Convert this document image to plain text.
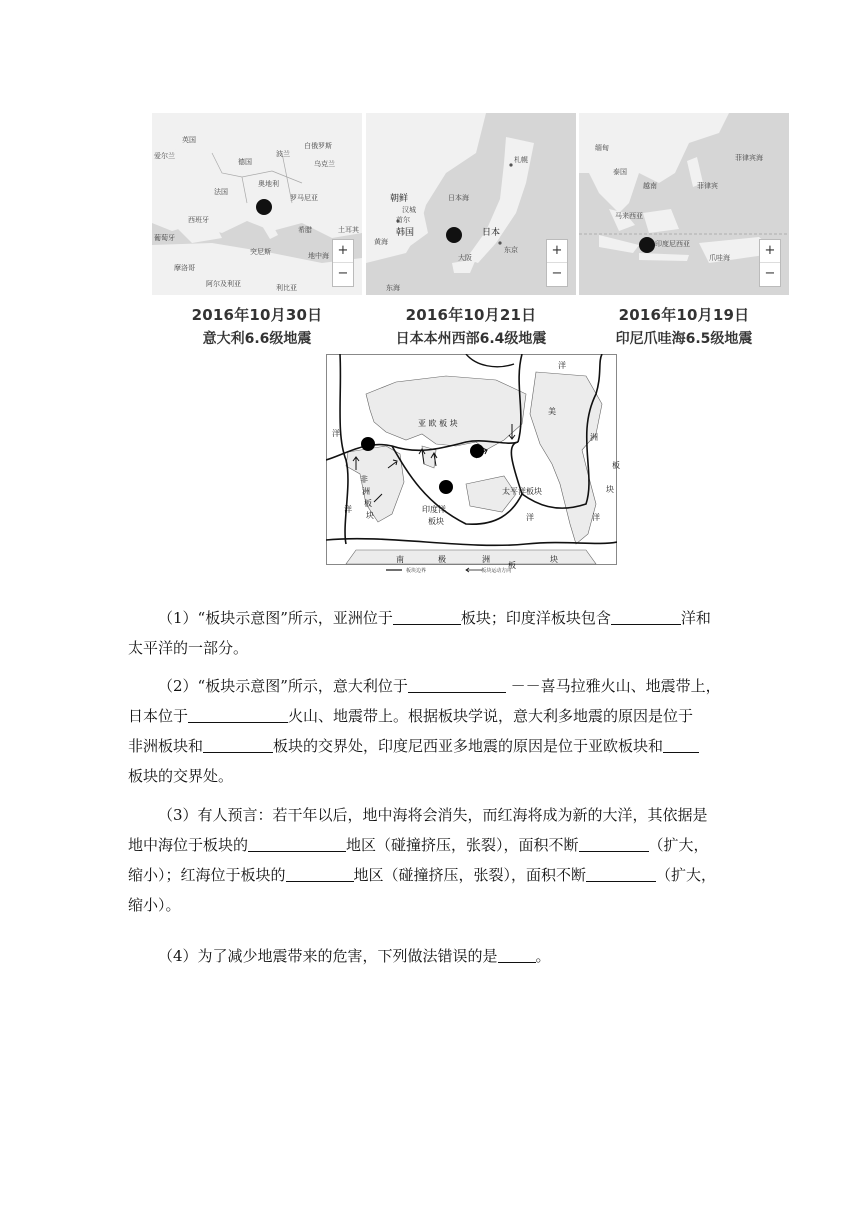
英国
爱尔兰
德国
波兰
白俄罗斯
乌克兰
法国
奥地利
罗马尼亚
西班牙
葡萄牙
希腊	土耳其
突尼斯
摩洛哥
阿尔及利亚	利比亚
地中海 +
−
札幌
朝鲜
汉城
首尔
韩国
日本海
东京
日本
大阪
黄海
东海
+
−
缅甸
泰国
越南	菲律宾
马来西亚
印度尼西亚
菲律宾海
爪哇海	+
−
2016年10月30日
意大利6.6级地震
2016年10月21日
日本本州西部6.4级地震
2016年10月19日
印尼爪哇海6.5级地震
亚 欧 板 块
非
洲
板
块
印度洋
板块
太平洋板块
美
洲
板
块
南	极	洲
板
块
洋
洋
洋
洋	洋
板块边界	板块运动方向

（1）“板块示意图”所示，亚洲位于	板块；印度洋板块包含	洋和
太平洋的一部分。

（2）“板块示意图”所示，意大利位于	－－喜马拉雅火山、地震带上，
日本位于	火山、地震带上。根据板块学说，意大利多地震的原因是位于
非洲板块和	板块的交界处，印度尼西亚多地震的原因是位于亚欧板块和
板块的交界处。

（3）有人预言：若干年以后，地中海将会消失，而红海将成为新的大洋，其依据是
地中海位于板块的	地区（碰撞挤压，张裂），面积不断	（扩大，
缩小）；红海位于板块的	地区（碰撞挤压，张裂），面积不断	（扩大，
缩小）。

（4）为了减少地震带来的危害，下列做法错误的是	。
